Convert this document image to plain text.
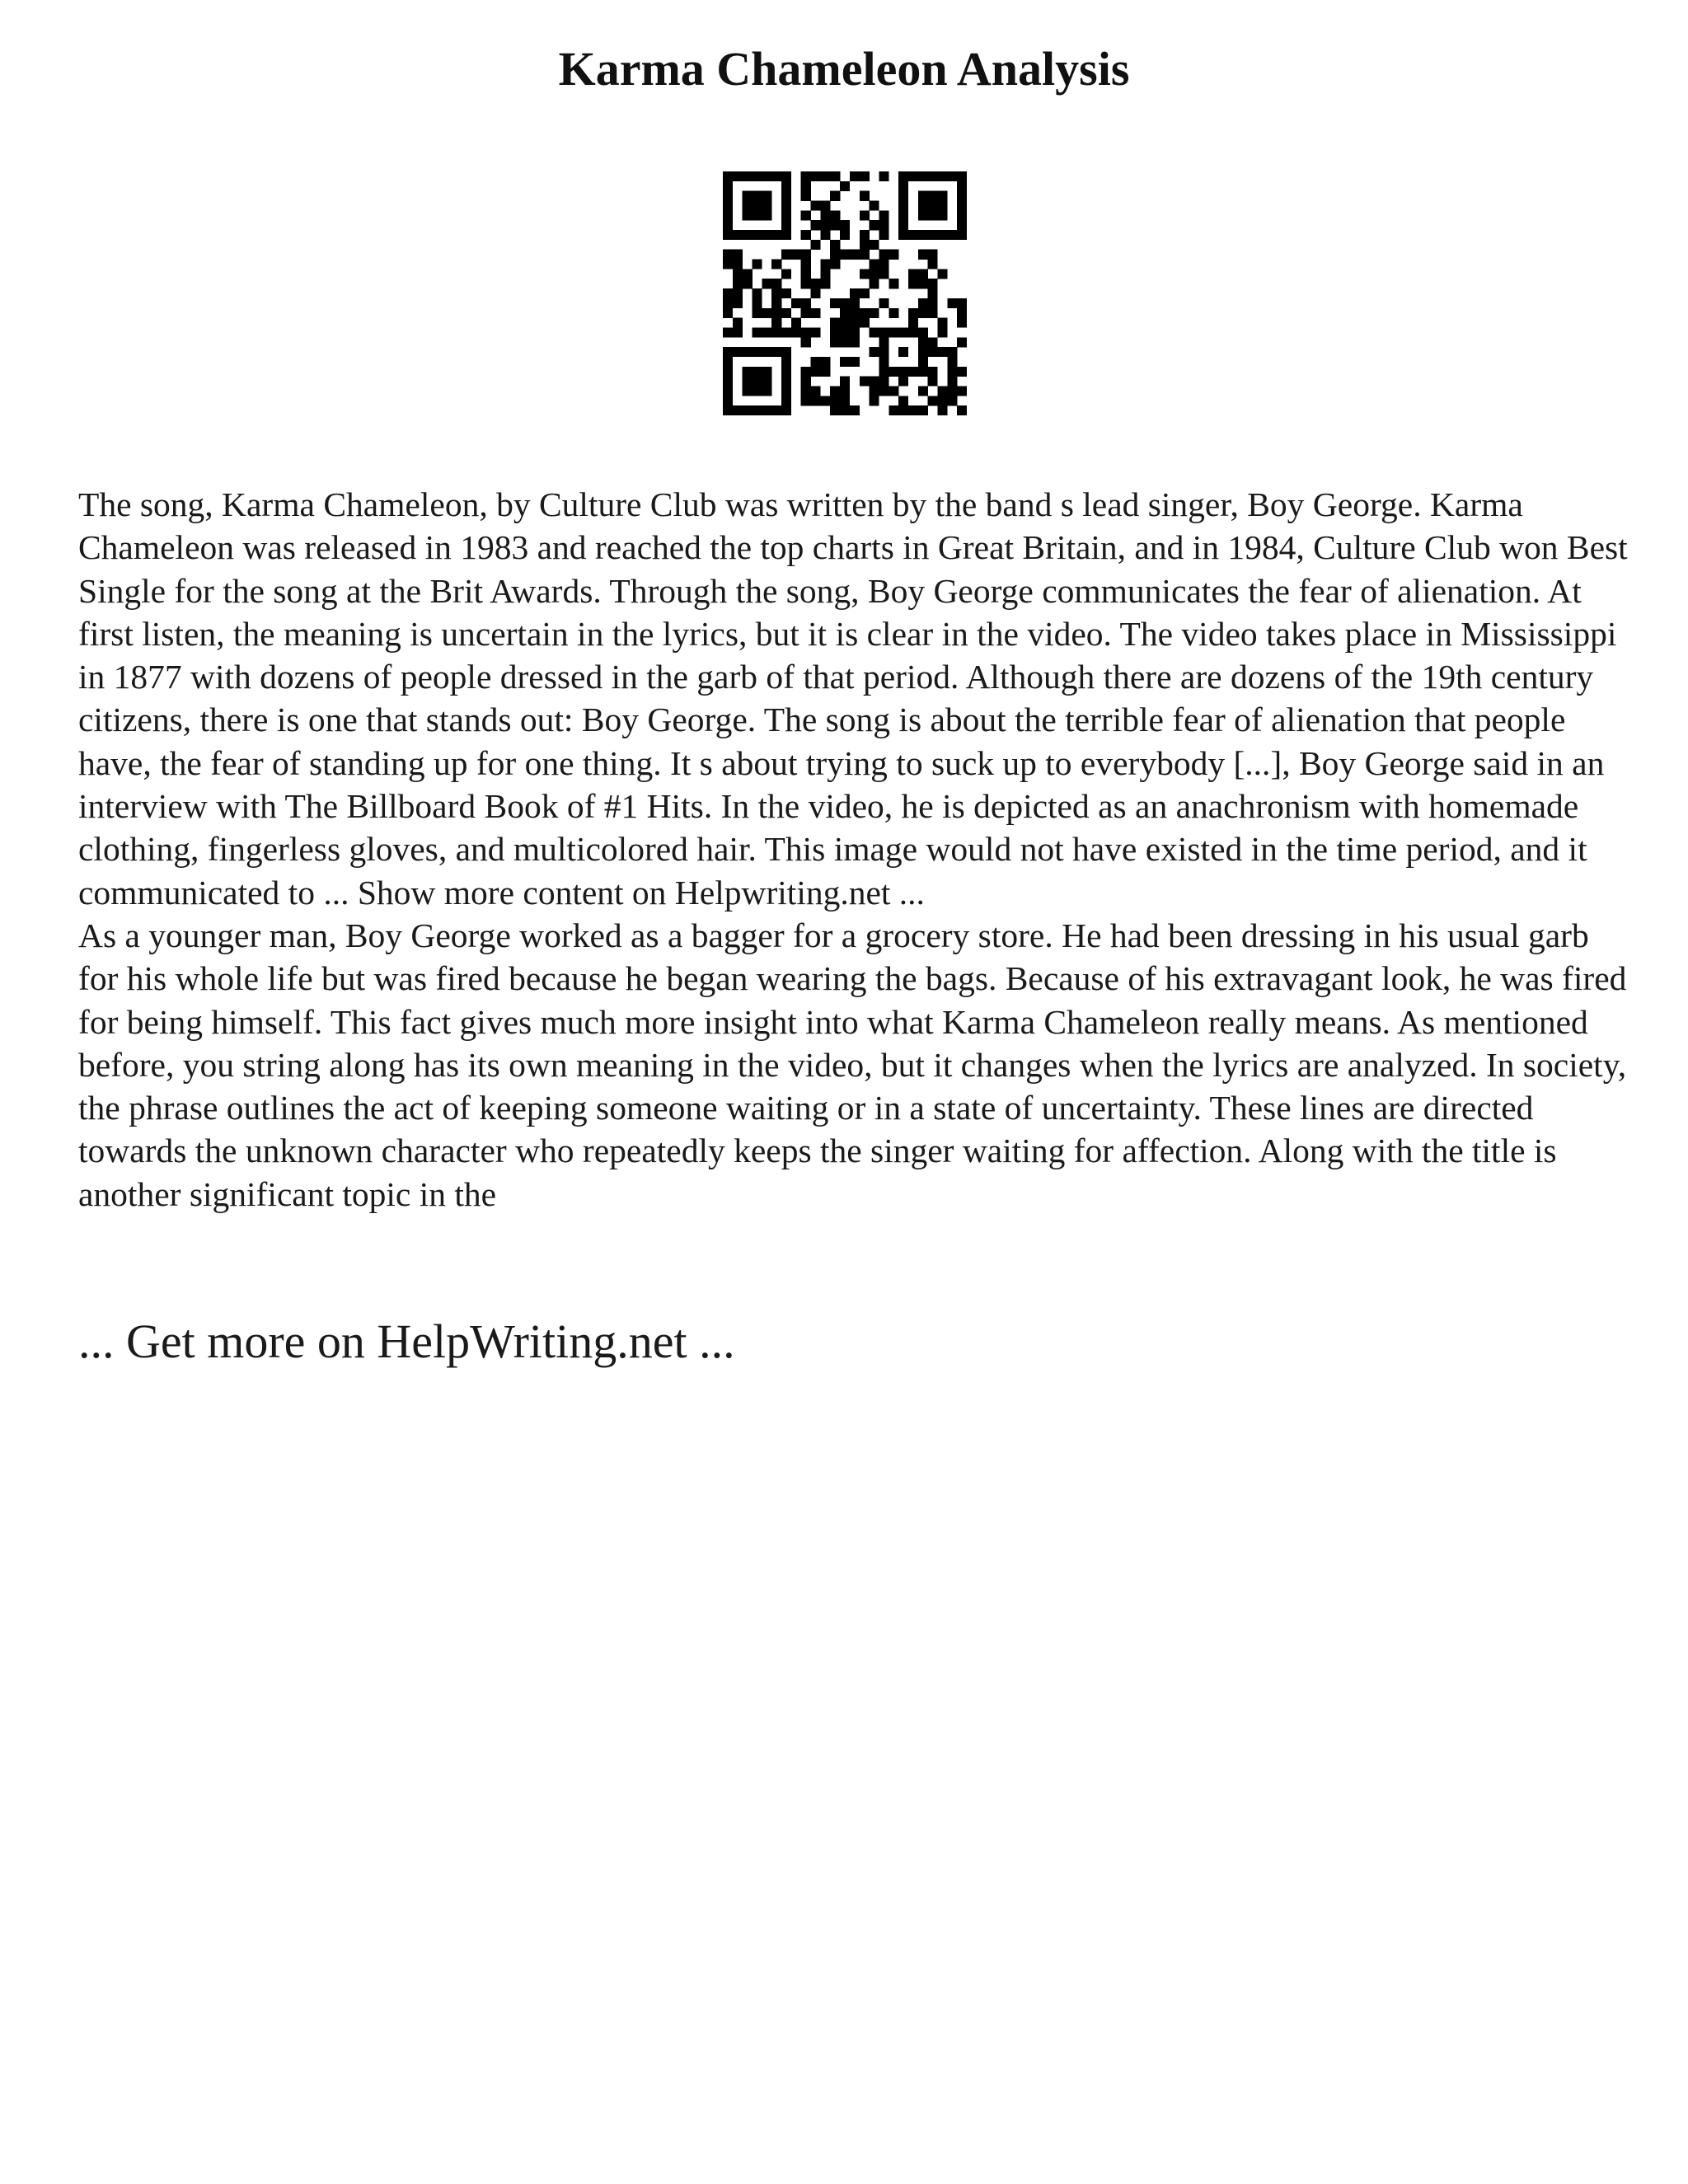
Karma Chameleon Analysis

The song, Karma Chameleon, by Culture Club was written by the band s lead singer, Boy George. Karma Chameleon was released in 1983 and reached the top charts in Great Britain, and in 1984, Culture Club won Best Single for the song at the Brit Awards. Through the song, Boy George communicates the fear of alienation. At first listen, the meaning is uncertain in the lyrics, but it is clear in the video. The video takes place in Mississippi in 1877 with dozens of people dressed in the garb of that period. Although there are dozens of the 19th century citizens, there is one that stands out: Boy George. The song is about the terrible fear of alienation that people have, the fear of standing up for one thing. It s about trying to suck up to everybody [...], Boy George said in an interview with The Billboard Book of #1 Hits. In the video, he is depicted as an anachronism with homemade clothing, fingerless gloves, and multicolored hair. This image would not have existed in the time period, and it communicated to ... Show more content on Helpwriting.net ...

As a younger man, Boy George worked as a bagger for a grocery store. He had been dressing in his usual garb for his whole life but was fired because he began wearing the bags. Because of his extravagant look, he was fired for being himself. This fact gives much more insight into what Karma Chameleon really means. As mentioned before, you string along has its own meaning in the video, but it changes when the lyrics are analyzed. In society, the phrase outlines the act of keeping someone waiting or in a state of uncertainty. These lines are directed towards the unknown character who repeatedly keeps the singer waiting for affection. Along with the title is another significant topic in the

... Get more on HelpWriting.net ...
